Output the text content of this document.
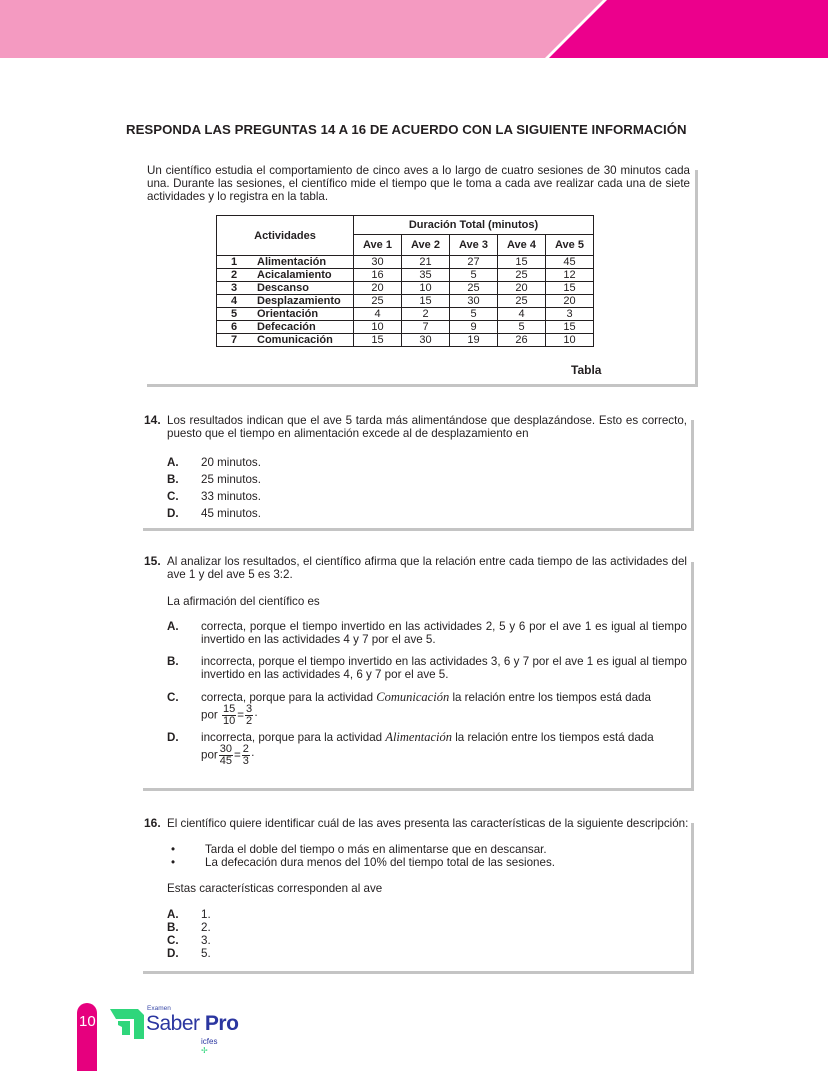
RESPONDA LAS PREGUNTAS 14 A 16 DE ACUERDO CON LA SIGUIENTE INFORMACIÓN
Un científico estudia el comportamiento de cinco aves a lo largo de cuatro sesiones de 30 minutos cada una. Durante las sesiones, el científico mide el tiempo que le toma a cada ave realizar cada una de siete actividades y lo registra en la tabla.
Actividades		Duración Total (minutos)				
		Ave 1	Ave 2	Ave 3	Ave 4	Ave 5
1	Alimentación	30	21	27	15	45
2	Acicalamiento	16	35	5	25	12
3	Descanso	20	10	25	20	15
4	Desplazamiento	25	15	30	25	20
5	Orientación	4	2	5	4	3
6	Defecación	10	7	9	5	15
7	Comunicación	15	30	19	26	10
Tabla
14. Los resultados indican que el ave 5 tarda más alimentándose que desplazándose. Esto es correcto, puesto que el tiempo en alimentación excede al de desplazamiento en
A.	20 minutos.
B.	25 minutos.
C.	33 minutos.
D.	45 minutos.
15. Al analizar los resultados, el científico afirma que la relación entre cada tiempo de las actividades del ave 1 y del ave 5 es 3:2.
La afirmación del científico es
A.	correcta, porque el tiempo invertido en las actividades 2, 5 y 6 por el ave 1 es igual al tiempo invertido en las actividades 4 y 7 por el ave 5.
B.	incorrecta, porque el tiempo invertido en las actividades 3, 6 y 7 por el ave 1 es igual al tiempo invertido en las actividades 4, 6 y 7 por el ave 5.
C.	correcta, porque para la actividad Comunicación la relación entre los tiempos está dada
por $\frac{15}{10} = \frac{3}{2}$ ·
D.	incorrecta, porque para la actividad Alimentación la relación entre los tiempos está dada
por $\frac{30}{45} = \frac{2}{3}$ ·
16. El científico quiere identificar cuál de las aves presenta las características de la siguiente descripción:
•	Tarda el doble del tiempo o más en alimentarse que en descansar.
•	La defecación dura menos del 10% del tiempo total de las sesiones.
Estas características corresponden al ave
A.	1.
B.	2.
C.	3.
D.	5.
10
Examen
Saber Pro
icfes ✢
